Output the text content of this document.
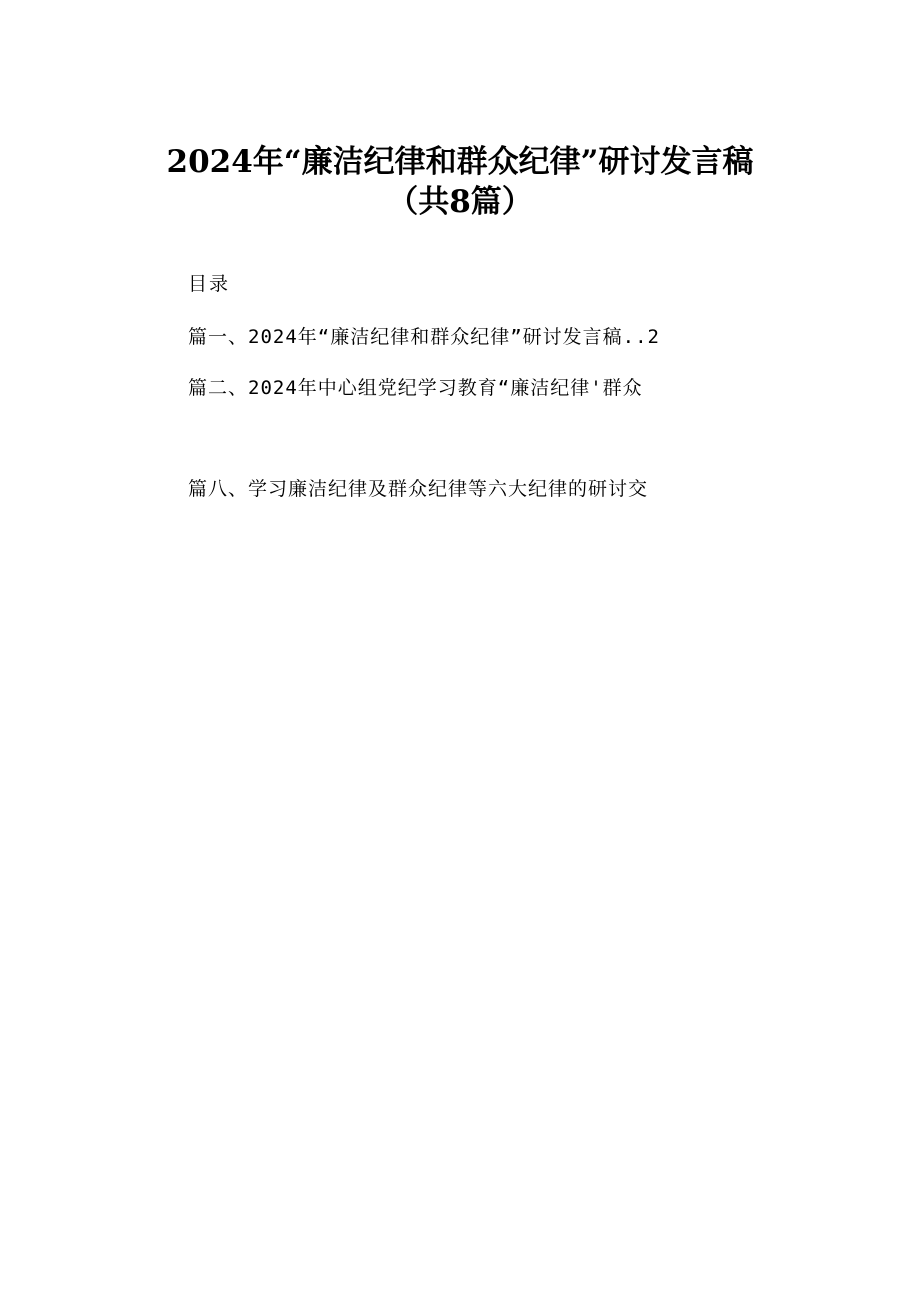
2024年“廉洁纪律和群众纪律”研讨发言稿
（共8篇）
目录
篇一、2024年“廉洁纪律和群众纪律”研讨发言稿..2
篇二、2024年中心组党纪学习教育“廉洁纪律'群众
篇八、学习廉洁纪律及群众纪律等六大纪律的研讨交
